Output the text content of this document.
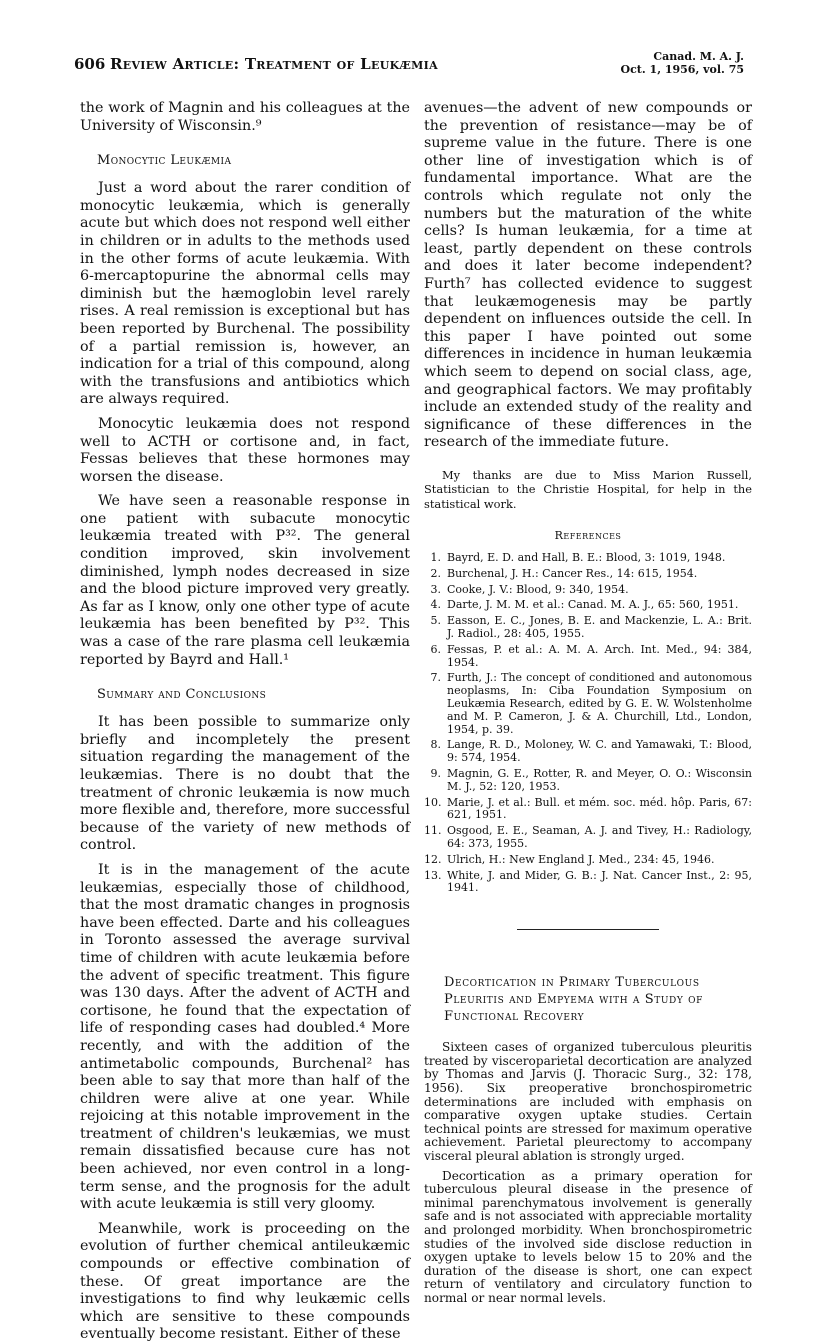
606 Review Article: Treatment of Leukæmia	Canad. M. A. J.
Oct. 1, 1956, vol. 75

the work of Magnin and his colleagues at the University of Wisconsin.⁹

Monocytic Leukæmia

Just a word about the rarer condition of monocytic leukæmia, which is generally acute but which does not respond well either in children or in adults to the methods used in the other forms of acute leukæmia. With 6-mercaptopurine the abnormal cells may diminish but the hæmoglobin level rarely rises. A real remission is exceptional but has been reported by Burchenal. The possibility of a partial remission is, however, an indication for a trial of this compound, along with the transfusions and antibiotics which are always required.

Monocytic leukæmia does not respond well to ACTH or cortisone and, in fact, Fessas believes that these hormones may worsen the disease.

We have seen a reasonable response in one patient with subacute monocytic leukæmia treated with P³². The general condition improved, skin involvement diminished, lymph nodes decreased in size and the blood picture improved very greatly. As far as I know, only one other type of acute leukæmia has been benefited by P³². This was a case of the rare plasma cell leukæmia reported by Bayrd and Hall.¹

Summary and Conclusions

It has been possible to summarize only briefly and incompletely the present situation regarding the management of the leukæmias. There is no doubt that the treatment of chronic leukæmia is now much more flexible and, therefore, more successful because of the variety of new methods of control.

It is in the management of the acute leukæmias, especially those of childhood, that the most dramatic changes in prognosis have been effected. Darte and his colleagues in Toronto assessed the average survival time of children with acute leukæmia before the advent of specific treatment. This figure was 130 days. After the advent of ACTH and cortisone, he found that the expectation of life of responding cases had doubled.⁴ More recently, and with the addition of the antimetabolic compounds, Burchenal² has been able to say that more than half of the children were alive at one year. While rejoicing at this notable improvement in the treatment of children's leukæmias, we must remain dissatisfied because cure has not been achieved, nor even control in a long-term sense, and the prognosis for the adult with acute leukæmia is still very gloomy.

Meanwhile, work is proceeding on the evolution of further chemical antileukæmic compounds or effective combination of these. Of great importance are the investigations to find why leukæmic cells which are sensitive to these compounds eventually become resistant. Either of these

avenues—the advent of new compounds or the prevention of resistance—may be of supreme value in the future. There is one other line of investigation which is of fundamental importance. What are the controls which regulate not only the numbers but the maturation of the white cells? Is human leukæmia, for a time at least, partly dependent on these controls and does it later become independent? Furth⁷ has collected evidence to suggest that leukæmogenesis may be partly dependent on influences outside the cell. In this paper I have pointed out some differences in incidence in human leukæmia which seem to depend on social class, age, and geographical factors. We may profitably include an extended study of the reality and significance of these differences in the research of the immediate future.

My thanks are due to Miss Marion Russell, Statistician to the Christie Hospital, for help in the statistical work.

References
1. Bayrd, E. D. and Hall, B. E.: Blood, 3: 1019, 1948.
2. Burchenal, J. H.: Cancer Res., 14: 615, 1954.
3. Cooke, J. V.: Blood, 9: 340, 1954.
4. Darte, J. M. M. et al.: Canad. M. A. J., 65: 560, 1951.
5. Easson, E. C., Jones, B. E. and Mackenzie, L. A.: Brit. J. Radiol., 28: 405, 1955.
6. Fessas, P. et al.: A. M. A. Arch. Int. Med., 94: 384, 1954.
7. Furth, J.: The concept of conditioned and autonomous neoplasms, In: Ciba Foundation Symposium on Leukæmia Research, edited by G. E. W. Wolstenholme and M. P. Cameron, J. & A. Churchill, Ltd., London, 1954, p. 39.
8. Lange, R. D., Moloney, W. C. and Yamawaki, T.: Blood, 9: 574, 1954.
9. Magnin, G. E., Rotter, R. and Meyer, O. O.: Wisconsin M. J., 52: 120, 1953.
10. Marie, J. et al.: Bull. et mém. soc. méd. hôp. Paris, 67: 621, 1951.
11. Osgood, E. E., Seaman, A. J. and Tivey, H.: Radiology, 64: 373, 1955.
12. Ulrich, H.: New England J. Med., 234: 45, 1946.
13. White, J. and Mider, G. B.: J. Nat. Cancer Inst., 2: 95, 1941.
Decortication in Primary Tuberculous Pleuritis and Empyema with a Study of Functional Recovery

Sixteen cases of organized tuberculous pleuritis treated by visceroparietal decortication are analyzed by Thomas and Jarvis (J. Thoracic Surg., 32: 178, 1956). Six preoperative bronchospirometric determinations are included with emphasis on comparative oxygen uptake studies. Certain technical points are stressed for maximum operative achievement. Parietal pleurectomy to accompany visceral pleural ablation is strongly urged.

Decortication as a primary operation for tuberculous pleural disease in the presence of minimal parenchymatous involvement is generally safe and is not associated with appreciable mortality and prolonged morbidity. When bronchospirometric studies of the involved side disclose reduction in oxygen uptake to levels below 15 to 20% and the duration of the disease is short, one can expect return of ventilatory and circulatory function to normal or near normal levels.
